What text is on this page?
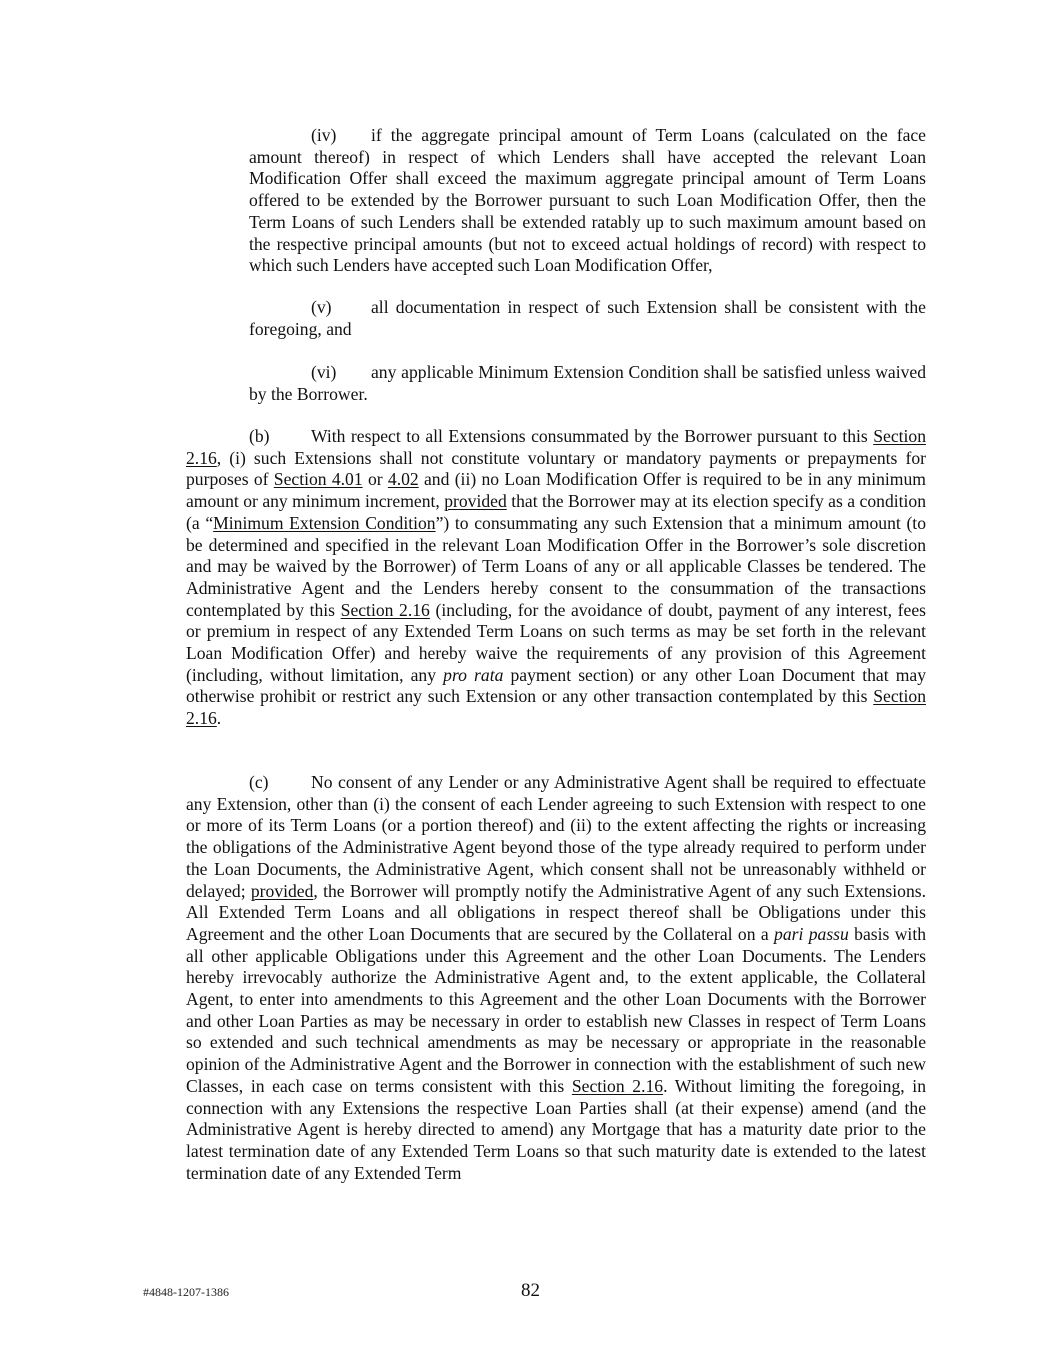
(iv) if the aggregate principal amount of Term Loans (calculated on the face amount thereof) in respect of which Lenders shall have accepted the relevant Loan Modification Offer shall exceed the maximum aggregate principal amount of Term Loans offered to be extended by the Borrower pursuant to such Loan Modification Offer, then the Term Loans of such Lenders shall be extended ratably up to such maximum amount based on the respective principal amounts (but not to exceed actual holdings of record) with respect to which such Lenders have accepted such Loan Modification Offer,
(v) all documentation in respect of such Extension shall be consistent with the foregoing, and
(vi) any applicable Minimum Extension Condition shall be satisfied unless waived by the Borrower.
(b) With respect to all Extensions consummated by the Borrower pursuant to this Section 2.16, (i) such Extensions shall not constitute voluntary or mandatory payments or prepayments for purposes of Section 4.01 or 4.02 and (ii) no Loan Modification Offer is required to be in any minimum amount or any minimum increment, provided that the Borrower may at its election specify as a condition (a “Minimum Extension Condition”) to consummating any such Extension that a minimum amount (to be determined and specified in the relevant Loan Modification Offer in the Borrower’s sole discretion and may be waived by the Borrower) of Term Loans of any or all applicable Classes be tendered. The Administrative Agent and the Lenders hereby consent to the consummation of the transactions contemplated by this Section 2.16 (including, for the avoidance of doubt, payment of any interest, fees or premium in respect of any Extended Term Loans on such terms as may be set forth in the relevant Loan Modification Offer) and hereby waive the requirements of any provision of this Agreement (including, without limitation, any pro rata payment section) or any other Loan Document that may otherwise prohibit or restrict any such Extension or any other transaction contemplated by this Section 2.16.
(c) No consent of any Lender or any Administrative Agent shall be required to effectuate any Extension, other than (i) the consent of each Lender agreeing to such Extension with respect to one or more of its Term Loans (or a portion thereof) and (ii) to the extent affecting the rights or increasing the obligations of the Administrative Agent beyond those of the type already required to perform under the Loan Documents, the Administrative Agent, which consent shall not be unreasonably withheld or delayed; provided, the Borrower will promptly notify the Administrative Agent of any such Extensions. All Extended Term Loans and all obligations in respect thereof shall be Obligations under this Agreement and the other Loan Documents that are secured by the Collateral on a pari passu basis with all other applicable Obligations under this Agreement and the other Loan Documents. The Lenders hereby irrevocably authorize the Administrative Agent and, to the extent applicable, the Collateral Agent, to enter into amendments to this Agreement and the other Loan Documents with the Borrower and other Loan Parties as may be necessary in order to establish new Classes in respect of Term Loans so extended and such technical amendments as may be necessary or appropriate in the reasonable opinion of the Administrative Agent and the Borrower in connection with the establishment of such new Classes, in each case on terms consistent with this Section 2.16. Without limiting the foregoing, in connection with any Extensions the respective Loan Parties shall (at their expense) amend (and the Administrative Agent is hereby directed to amend) any Mortgage that has a maturity date prior to the latest termination date of any Extended Term Loans so that such maturity date is extended to the latest termination date of any Extended Term
#4848-1207-1386	82
